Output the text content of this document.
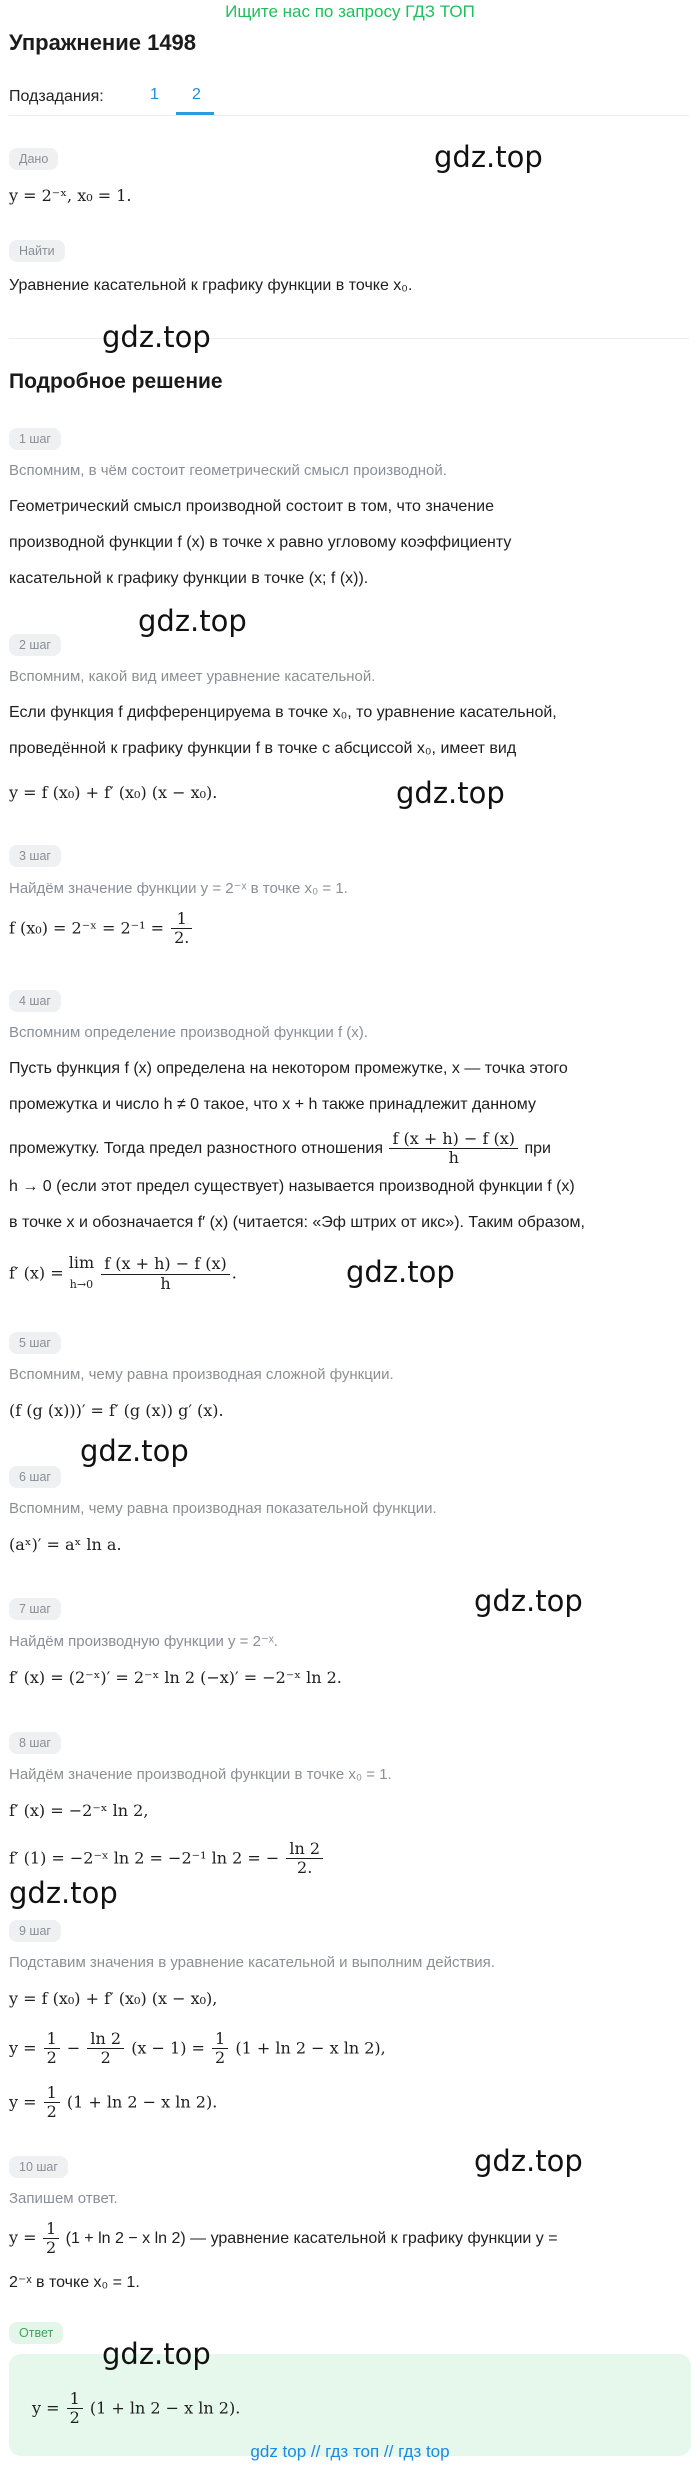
Ищите нас по запросу ГДЗ ТОП
Упражнение 1498
Подзадания:	1	2
Дано
y = 2⁻ˣ, x₀ = 1.
gdz.top
Найти
Уравнение касательной к графику функции в точке x₀.
gdz.top
Подробное решение
1 шаг
Вспомним, в чём состоит геометрический смысл производной.
Геометрический смысл производной состоит в том, что значение
производной функции f (x) в точке x равно угловому коэффициенту
касательной к графику функции в точке (x; f (x)).
gdz.top
2 шаг
Вспомним, какой вид имеет уравнение касательной.
Если функция f дифференцируема в точке x₀, то уравнение касательной,
проведённой к графику функции f в точке с абсциссой x₀, имеет вид
y = f (x₀) + f′ (x₀) (x − x₀).	gdz.top
3 шаг
Найдём значение функции y = 2⁻ˣ в точке x₀ = 1.
f (x₀) = 2⁻ˣ = $2^{-1} = \frac{1}{2.}$
4 шаг
Вспомним определение производной функции f (x).
Пусть функция f (x) определена на некотором промежутке, x — точка этого
промежутка и число h ≠ 0 такое, что x + h также принадлежит данному
промежутку. Тогда предел разностного отношения $\frac{f (x + h) - f (x)}{h}$ при
h → 0 (если этот предел существует) называется производной функции f (x)
в точке x и обозначается f′ (x) (читается: «Эф штрих от икс»). Таким образом,
f′ (x) =
lim
h→0
$\frac{f (x + h) - f (x)}{h}$ .	gdz.top
5 шаг
Вспомним, чему равна производная сложной функции.
(f (g (x)))′ = f′ (g (x)) g′ (x).
gdz.top
6 шаг
Вспомним, чему равна производная показательной функции.
(aˣ)′ = aˣ ln a.
gdz.top
7 шаг
Найдём производную функции y = 2⁻ˣ.
f′ (x) = (2⁻ˣ)′ = 2⁻ˣ ln 2 (−x)′ = −2⁻ˣ ln 2.
8 шаг
Найдём значение производной функции в точке x₀ = 1.
f′ (x) = −2⁻ˣ ln 2,
f′ (1) = −2⁻ˣ ln 2 = −2⁻¹ ln 2 = − $\frac{\ln 2}{2.}$
gdz.top
9 шаг
Подставим значения в уравнение касательной и выполним действия.
y = f (x₀) + f′ (x₀) (x − x₀),
$y = \frac{1}{2} - \frac{\ln 2}{2} (x - 1) = \frac{1}{2} (1 + \ln 2 - x$ ln 2),
$y = \frac{1}{2} (1 + \ln 2 - x$ ln 2).
gdz.top
10 шаг
Запишем ответ.
$y = \frac{1}{2} (1 + \ln 2 - x$ ln 2) — уравнение касательной к графику функции y =
2⁻ˣ в точке x₀ = 1.
Ответ
$y = \frac{1}{2} (1 + \ln 2 - x$ ln 2).
gdz.top
gdz top // гдз топ // гдз top
